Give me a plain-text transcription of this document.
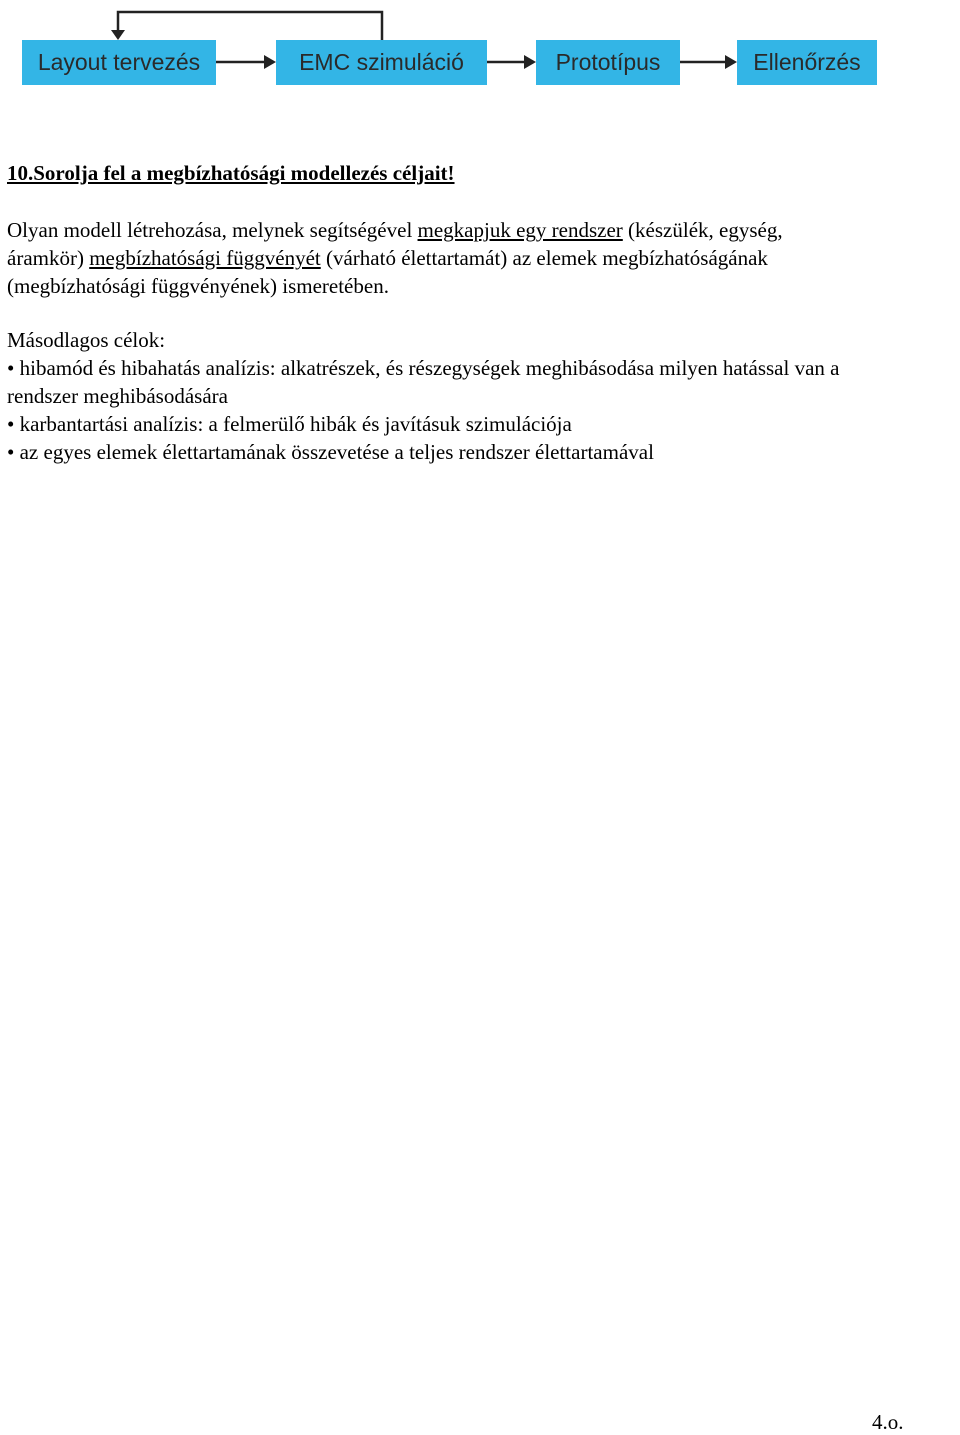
Layout tervezés	EMC szimuláció	Prototípus	Ellenőrzés

10.Sorolja fel a megbízhatósági modellezés céljait!

Olyan modell létrehozása, melynek segítségével megkapjuk egy rendszer (készülék, egység,

áramkör) megbízhatósági függvényét (várható élettartamát) az elemek megbízhatóságának

(megbízhatósági függvényének) ismeretében.

Másodlagos célok:

• hibamód és hibahatás analízis: alkatrészek, és részegységek meghibásodása milyen hatással van a

rendszer meghibásodására

• karbantartási analízis: a felmerülő hibák és javításuk szimulációja

• az egyes elemek élettartamának összevetése a teljes rendszer élettartamával

4.o.
